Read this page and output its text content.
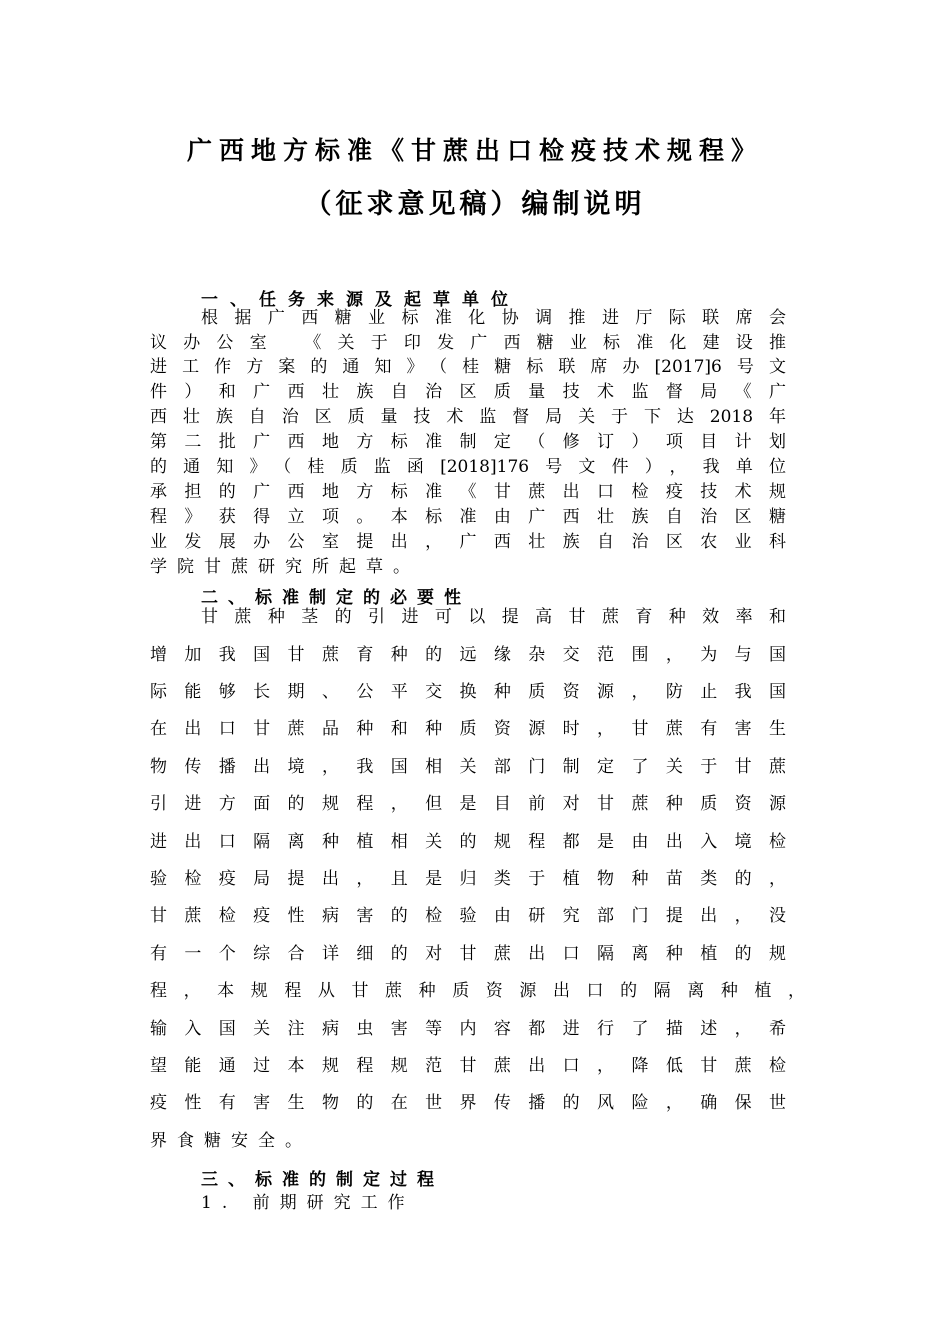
广西地方标准《甘蔗出口检疫技术规程》
（征求意见稿）编制说明
一、任务来源及起草单位
根据广西糖业标准化协调推进厅际联席会
议办公室 《关于印发广西糖业标准化建设推
进工作方案的通知》（桂糖标联席办[2017]6号文
件）和广西壮族自治区质量技术监督局《广
西壮族自治区质量技术监督局关于下达2018年
第二批广西地方标准制定（修订）项目计划
的通知》（桂质监函[2018]176号文件），我单位
承担的广西地方标准《甘蔗出口检疫技术规
程》获得立项。本标准由广西壮族自治区糖
业发展办公室提出，广西壮族自治区农业科
学院甘蔗研究所起草。
二、标准制定的必要性
甘蔗种茎的引进可以提高甘蔗育种效率和
增加我国甘蔗育种的远缘杂交范围，为与国
际能够长期、公平交换种质资源，防止我国
在出口甘蔗品种和种质资源时，甘蔗有害生
物传播出境，我国相关部门制定了关于甘蔗
引进方面的规程，但是目前对甘蔗种质资源
进出口隔离种植相关的规程都是由出入境检
验检疫局提出，且是归类于植物种苗类的，
甘蔗检疫性病害的检验由研究部门提出，没
有一个综合详细的对甘蔗出口隔离种植的规
程，本规程从甘蔗种质资源出口的隔离种植，
输入国关注病虫害等内容都进行了描述，希
望能通过本规程规范甘蔗出口，降低甘蔗检
疫性有害生物的在世界传播的风险，确保世
界食糖安全。
三、标准的制定过程
1. 前期研究工作
